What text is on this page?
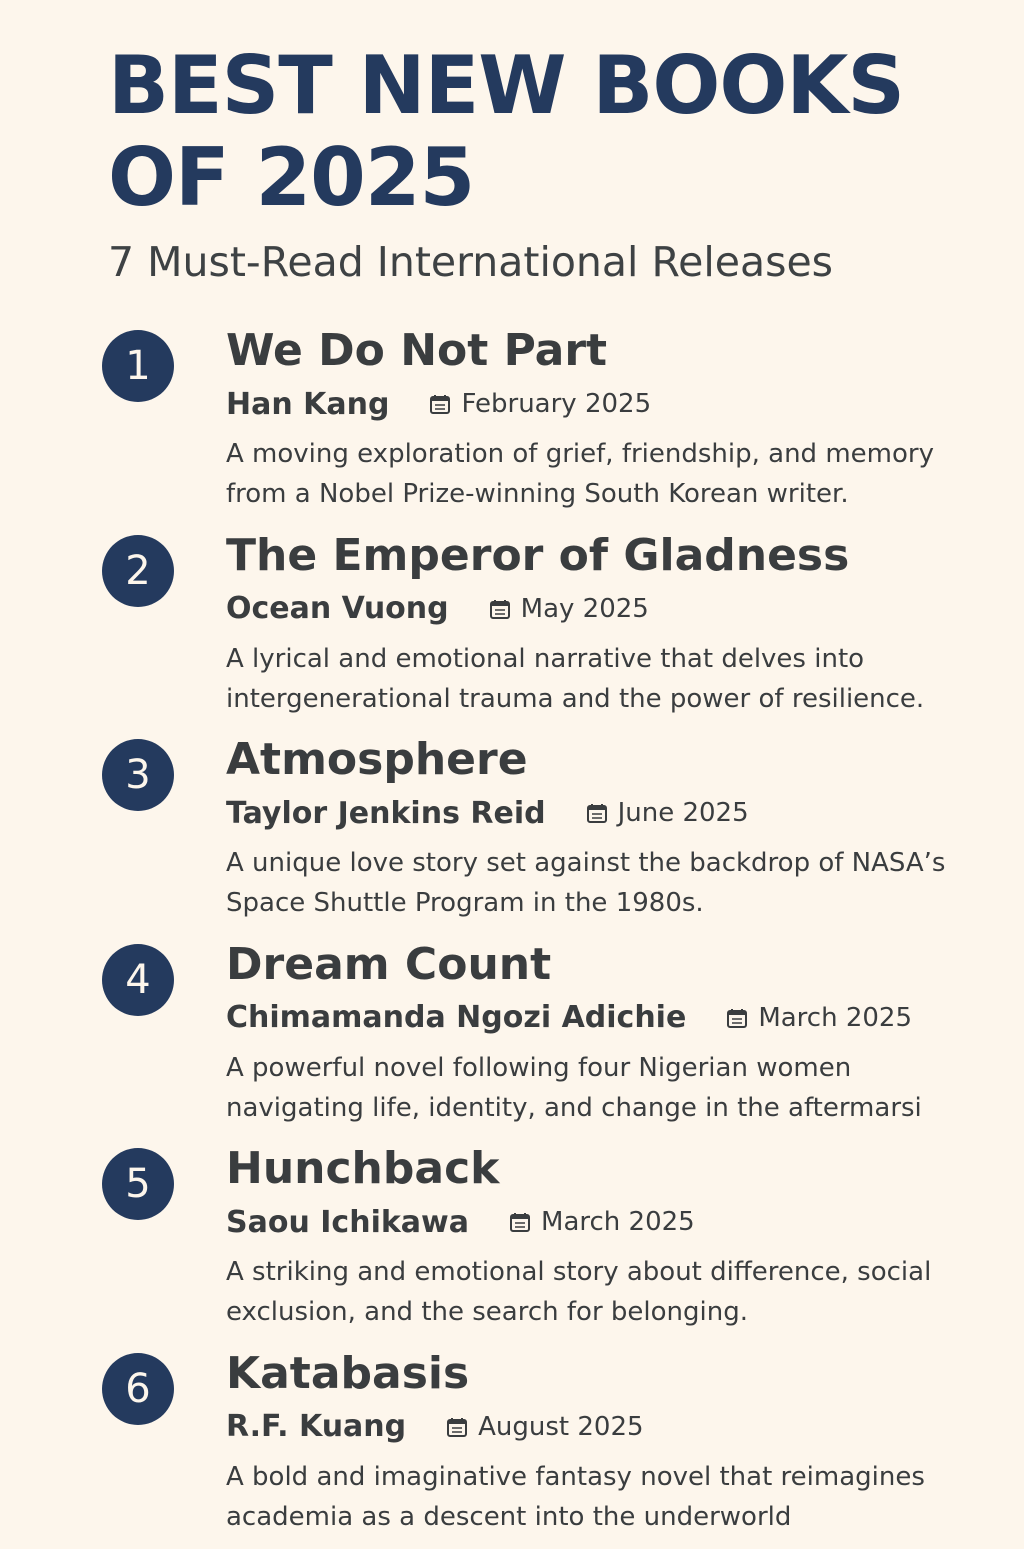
BEST NEW BOOKS OF 2025
7 Must-Read International Releases
1	We Do Not Part
Han Kang	February 2025

A moving exploration of grief, friendship, and memory from a Nobel Prize-winning South Korean writer.

2	The Emperor of Gladness
Ocean Vuong	May 2025

A lyrical and emotional narrative that delves into intergenerational trauma and the power of resilience.

3	Atmosphere
Taylor Jenkins Reid	June 2025

A unique love story set against the backdrop of NASA’s Space Shuttle Program in the 1980s.

4	Dream Count
Chimamanda Ngozi Adichie	March 2025

A powerful novel following four Nigerian women navigating life, identity, and change in the aftermarsi

5	Hunchback
Saou Ichikawa	March 2025

A striking and emotional story about difference, social exclusion, and the search for belonging.

6	Katabasis
R.F. Kuang	August 2025

A bold and imaginative fantasy novel that reimagines academia as a descent into the underworld
